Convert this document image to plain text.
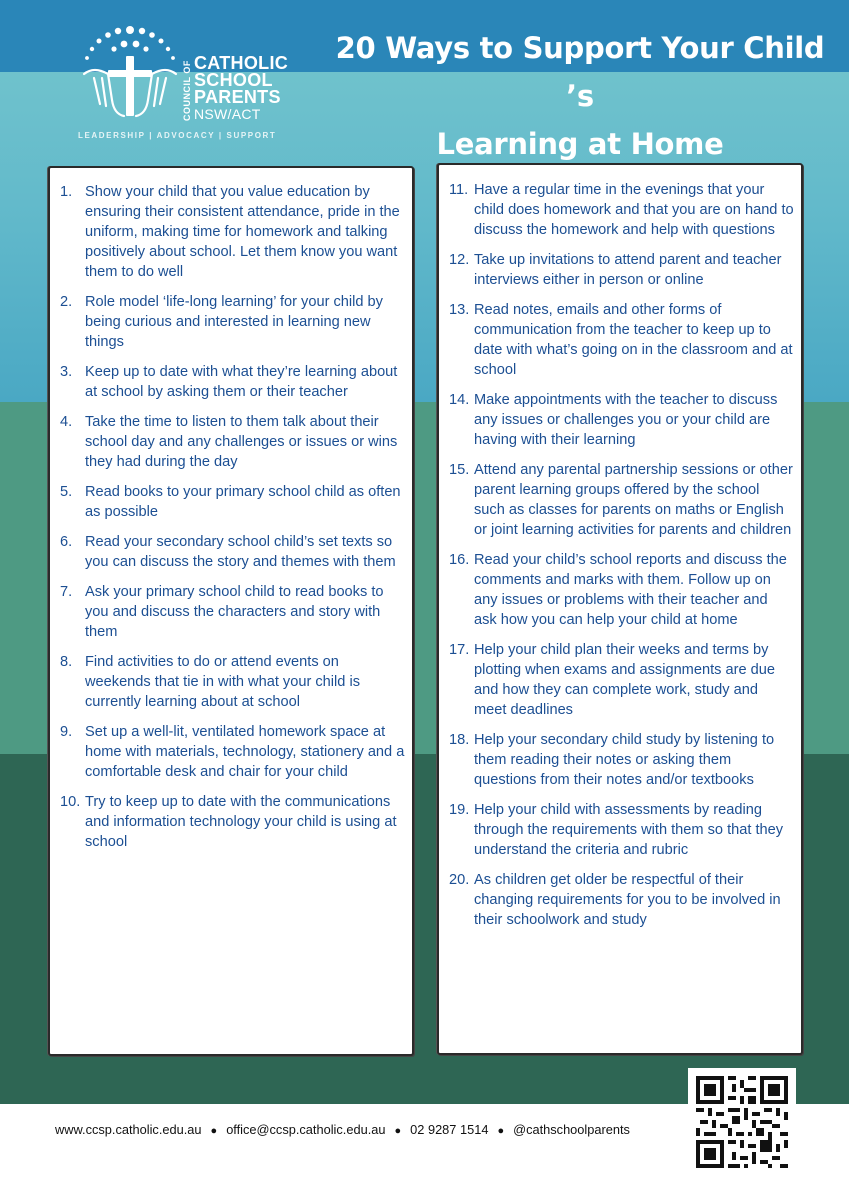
COUNCIL OF CATHOLIC
SCHOOL
PARENTS
NSW/ACT
LEADERSHIP | ADVOCACY | SUPPORT
20 Ways to Support Your Child ’s
Learning at Home
1. Show your child that you value education by ensuring their consistent attendance, pride in the uniform, making time for homework and talking positively about school. Let them know you want them to do well
2. Role model ‘life-long learning’ for your child by being curious and interested in learning new things
3. Keep up to date with what they’re learning about at school by asking them or their teacher
4. Take the time to listen to them talk about their school day and any challenges or issues or wins they had during the day
5. Read books to your primary school child as often as possible
6. Read your secondary school child’s set texts so you can discuss the story and themes with them
7. Ask your primary school child to read books to you and discuss the characters and story with them
8. Find activities to do or attend events on weekends that tie in with what your child is currently learning about at school
9. Set up a well-lit, ventilated homework space at home with materials, technology, stationery and a comfortable desk and chair for your child
10. Try to keep up to date with the communications and information technology your child is using at school
11. Have a regular time in the evenings that your child does homework and that you are on hand to discuss the homework and help with questions
12. Take up invitations to attend parent and teacher interviews either in person or online
13. Read notes, emails and other forms of communication from the teacher to keep up to date with what’s going on in the classroom and at school
14. Make appointments with the teacher to discuss any issues or challenges you or your child are having with their learning
15. Attend any parental partnership sessions or other parent learning groups offered by the school such as classes for parents on maths or English or joint learning activities for parents and children
16. Read your child’s school reports and discuss the comments and marks with them. Follow up on any issues or problems with their teacher and ask how you can help your child at home
17. Help your child plan their weeks and terms by plotting when exams and assignments are due and how they can complete work, study and meet deadlines
18. Help your secondary child study by listening to them reading their notes or asking them questions from their notes and/or textbooks
19. Help your child with assessments by reading through the requirements with them so that they understand the criteria and rubric
20. As children get older be respectful of their changing requirements for you to be involved in their schoolwork and study
www.ccsp.catholic.edu.au ● office@ccsp.catholic.edu.au ● 02 9287 1514 ● @cathschoolparents
